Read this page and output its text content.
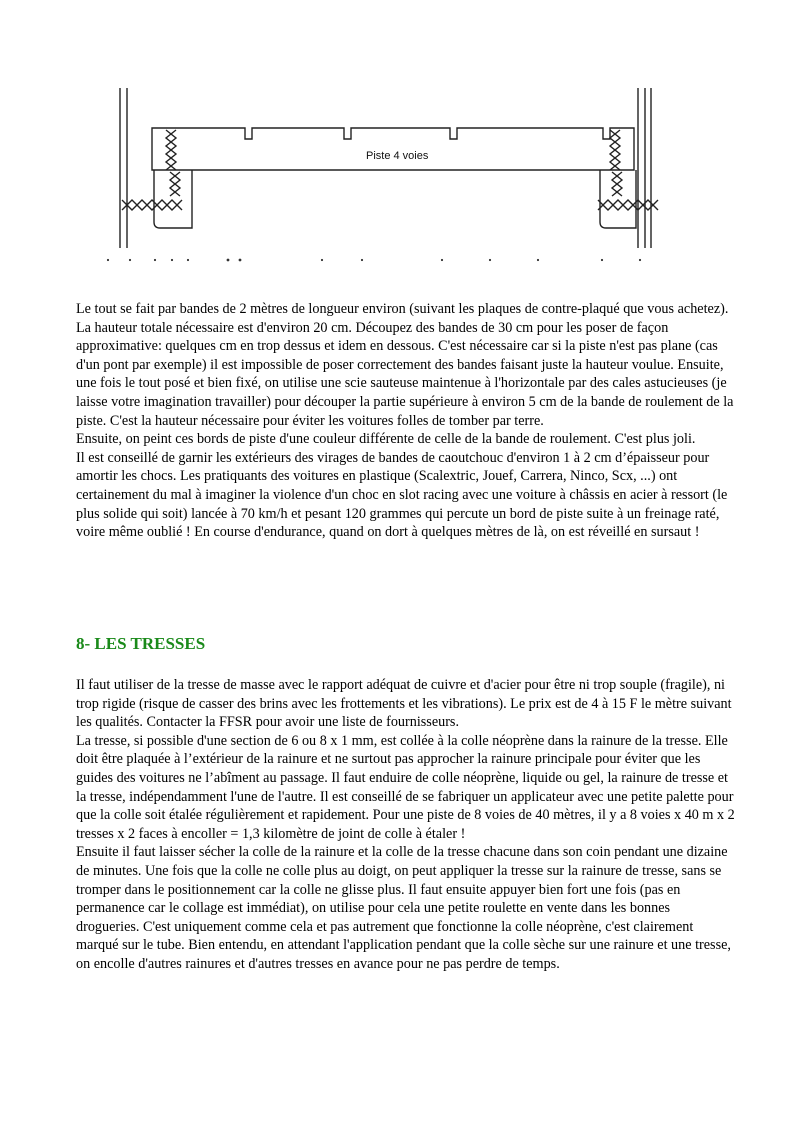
Piste 4 voies

Le tout se fait par bandes de 2 mètres de longueur environ (suivant les plaques de contre-plaqué que vous achetez).

La hauteur totale nécessaire est d'environ 20 cm. Découpez des bandes de 30 cm pour les poser de façon approximative: quelques cm en trop dessus et idem en dessous. C'est nécessaire car si la piste n'est pas plane (cas d'un pont par exemple) il est impossible de poser correctement des bandes faisant juste la hauteur voulue. Ensuite, une fois le tout posé et bien fixé, on utilise une scie sauteuse maintenue à l'horizontale par des cales astucieuses (je laisse votre imagination travailler) pour découper la partie supérieure à environ 5 cm de la bande de roulement de la piste. C'est la hauteur nécessaire pour éviter les voitures folles de tomber par terre.

Ensuite, on peint ces bords de piste d'une couleur différente de celle de la bande de roulement. C'est plus joli.

Il est conseillé de garnir les extérieurs des virages de bandes de caoutchouc d'environ 1 à 2 cm d’épaisseur pour amortir les chocs. Les pratiquants des voitures en plastique (Scalextric, Jouef, Carrera, Ninco, Scx, ...) ont certainement du mal à imaginer la violence d'un choc en slot racing avec une voiture à châssis en acier à ressort (le plus solide qui soit) lancée à 70 km/h et pesant 120 grammes qui percute un bord de piste suite à un freinage raté, voire même oublié ! En course d'endurance, quand on dort à quelques mètres de là, on est réveillé en sursaut !

8- LES TRESSES

Il faut utiliser de la tresse de masse avec le rapport adéquat de cuivre et d'acier pour être ni trop souple (fragile), ni trop rigide (risque de casser des brins avec les frottements et les vibrations). Le prix est de 4 à 15 F le mètre suivant les qualités. Contacter la FFSR pour avoir une liste de fournisseurs.

La tresse, si possible d'une section de 6 ou 8 x 1 mm, est collée à la colle néoprène dans la rainure de la tresse. Elle doit être plaquée à l’extérieur de la rainure et ne surtout pas approcher la rainure principale pour éviter que les guides des voitures ne l’abîment au passage. Il faut enduire de colle néoprène, liquide ou gel, la rainure de tresse et la tresse, indépendamment l'une de l'autre. Il est conseillé de se fabriquer un applicateur avec une petite palette pour que la colle soit étalée régulièrement et rapidement. Pour une piste de 8 voies de 40 mètres, il y a 8 voies x 40 m x 2 tresses x 2 faces à encoller = 1,3 kilomètre de joint de colle à étaler !

Ensuite il faut laisser sécher la colle de la rainure et la colle de la tresse chacune dans son coin pendant une dizaine de minutes. Une fois que la colle ne colle plus au doigt, on peut appliquer la tresse sur la rainure de tresse, sans se tromper dans le positionnement car la colle ne glisse plus. Il faut ensuite appuyer bien fort une fois (pas en permanence car le collage est immédiat), on utilise pour cela une petite roulette en vente dans les bonnes drogueries. C'est uniquement comme cela et pas autrement que fonctionne la colle néoprène, c'est clairement marqué sur le tube. Bien entendu, en attendant l'application pendant que la colle sèche sur une rainure et une tresse, on encolle d'autres rainures et d'autres tresses en avance pour ne pas perdre de temps.
